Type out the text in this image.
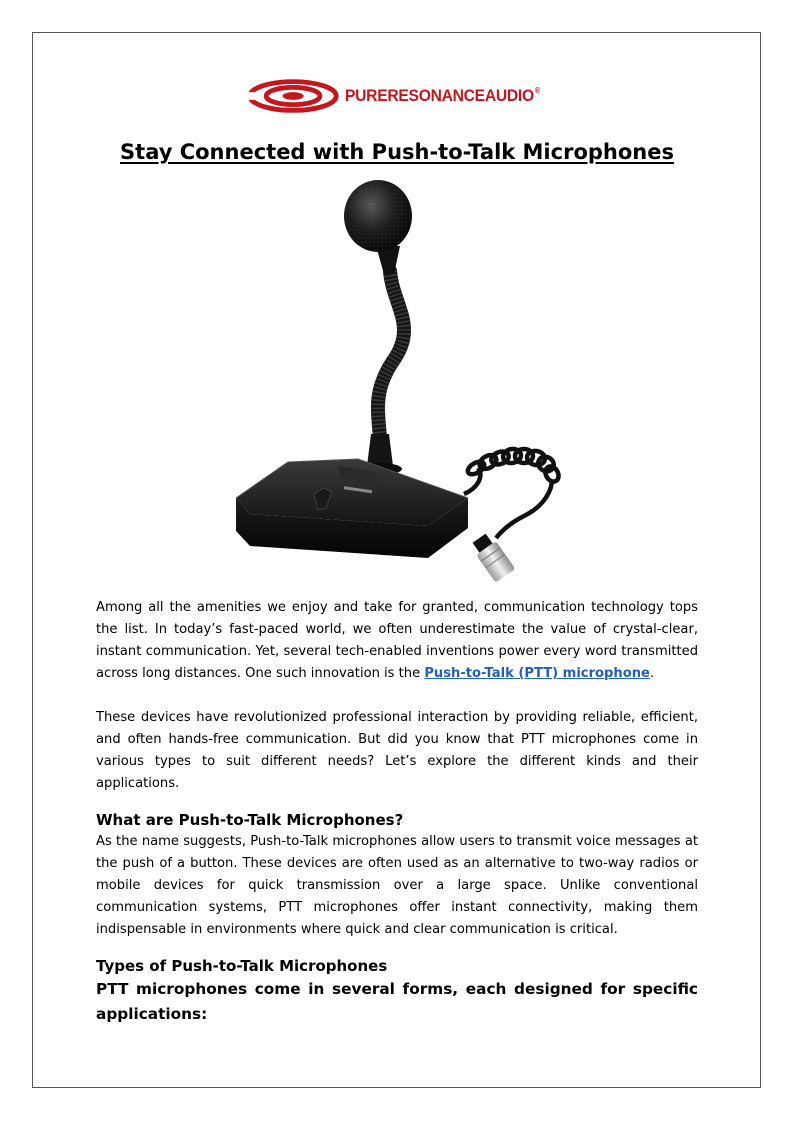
PURERESONANCEAUDIO®
Stay Connected with Push-to-Talk Microphones

Among all the amenities we enjoy and take for granted, communication technology tops the list. In today’s fast-paced world, we often underestimate the value of crystal-clear, instant communication. Yet, several tech-enabled inventions power every word transmitted across long distances. One such innovation is the Push-to-Talk (PTT) microphone.

These devices have revolutionized professional interaction by providing reliable, efficient, and often hands-free communication. But did you know that PTT microphones come in various types to suit different needs? Let’s explore the different kinds and their applications.

What are Push-to-Talk Microphones?

As the name suggests, Push-to-Talk microphones allow users to transmit voice messages at the push of a button. These devices are often used as an alternative to two-way radios or mobile devices for quick transmission over a large space. Unlike conventional communication systems, PTT microphones offer instant connectivity, making them indispensable in environments where quick and clear communication is critical.

Types of Push-to-Talk Microphones
PTT microphones come in several forms, each designed for specific applications:
